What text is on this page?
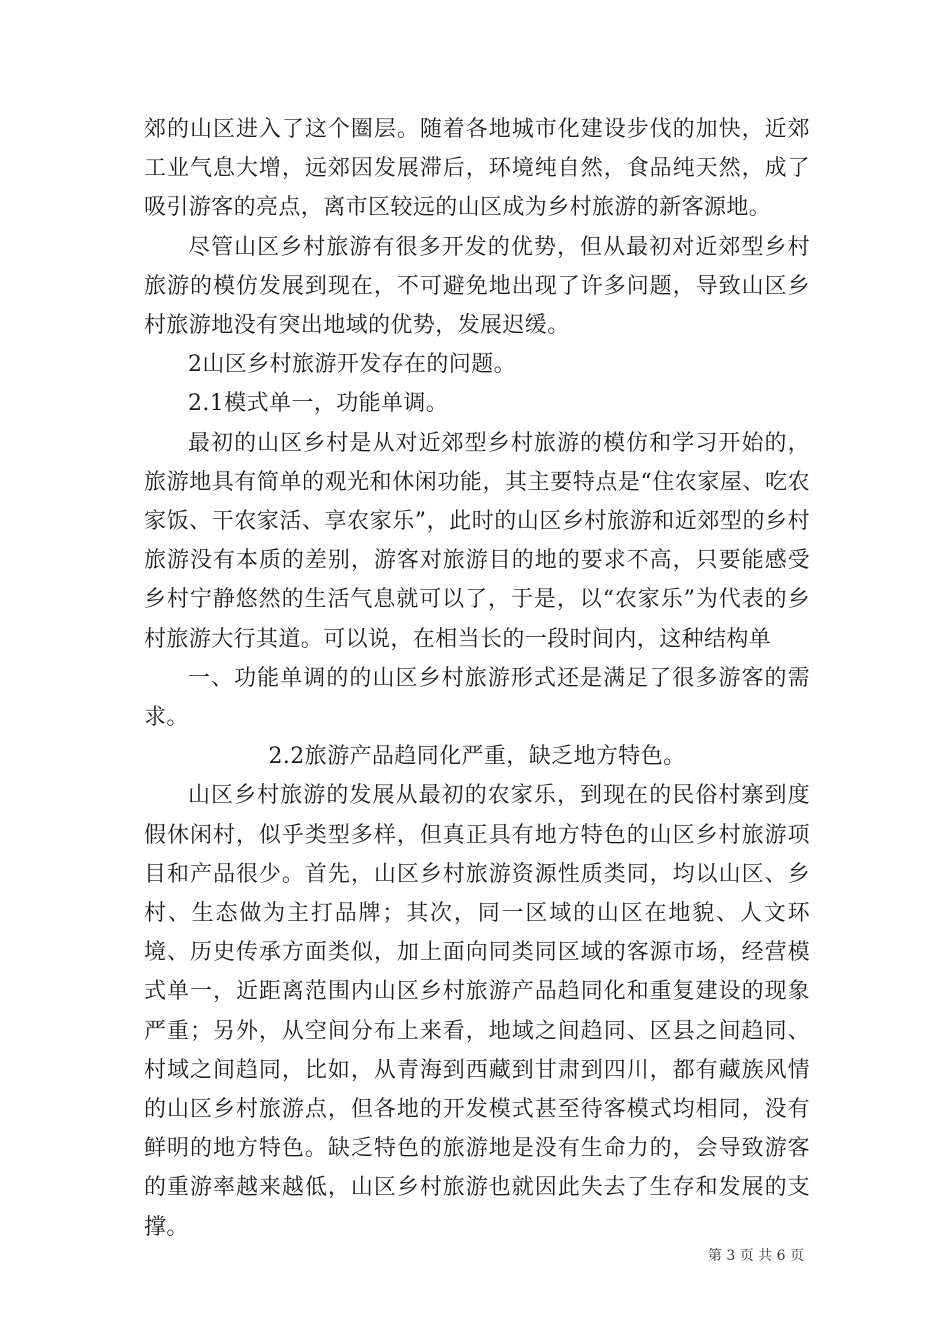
郊的山区进入了这个圈层。随着各地城市化建设步伐的加快，近郊工业气息大增，远郊因发展滞后，环境纯自然，食品纯天然，成了吸引游客的亮点，离市区较远的山区成为乡村旅游的新客源地。

尽管山区乡村旅游有很多开发的优势，但从最初对近郊型乡村旅游的模仿发展到现在，不可避免地出现了许多问题，导致山区乡村旅游地没有突出地域的优势，发展迟缓。

2山区乡村旅游开发存在的问题。

2.1模式单一，功能单调。

最初的山区乡村是从对近郊型乡村旅游的模仿和学习开始的，旅游地具有简单的观光和休闲功能，其主要特点是“住农家屋、吃农家饭、干农家活、享农家乐”，此时的山区乡村旅游和近郊型的乡村旅游没有本质的差别，游客对旅游目的地的要求不高，只要能感受乡村宁静悠然的生活气息就可以了，于是，以“农家乐”为代表的乡村旅游大行其道。可以说，在相当长的一段时间内，这种结构单

一、功能单调的的山区乡村旅游形式还是满足了很多游客的需求。

2.2旅游产品趋同化严重，缺乏地方特色。

山区乡村旅游的发展从最初的农家乐，到现在的民俗村寨到度假休闲村，似乎类型多样，但真正具有地方特色的山区乡村旅游项目和产品很少。首先，山区乡村旅游资源性质类同，均以山区、乡村、生态做为主打品牌；其次，同一区域的山区在地貌、人文环境、历史传承方面类似，加上面向同类同区域的客源市场，经营模式单一，近距离范围内山区乡村旅游产品趋同化和重复建设的现象严重；另外，从空间分布上来看，地域之间趋同、区县之间趋同、村域之间趋同，比如，从青海到西藏到甘肃到四川，都有藏族风情的山区乡村旅游点，但各地的开发模式甚至待客模式均相同，没有鲜明的地方特色。缺乏特色的旅游地是没有生命力的，会导致游客的重游率越来越低，山区乡村旅游也就因此失去了生存和发展的支撑。

第 3 页 共 6 页
